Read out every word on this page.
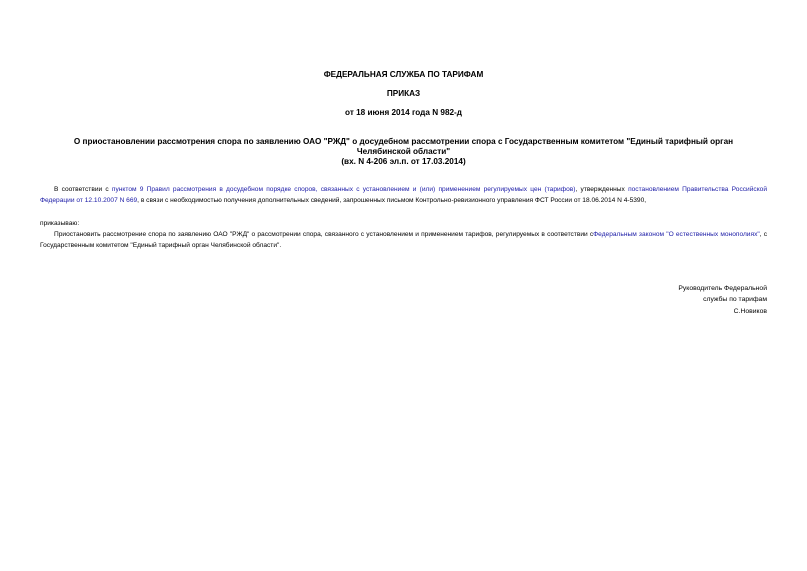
ФЕДЕРАЛЬНАЯ СЛУЖБА ПО ТАРИФАМ
ПРИКАЗ
от 18 июня 2014 года N 982-д
О приостановлении рассмотрения спора по заявлению ОАО "РЖД" о досудебном рассмотрении спора с Государственным комитетом "Единый тарифный орган
Челябинской области"
(вх. N 4-206 эл.п. от 17.03.2014)
В соответствии с пунктом 9 Правил рассмотрения в досудебном порядке споров, связанных с установлением и (или) применением регулируемых цен (тарифов), утвержденных постановлением Правительства Российской Федерации от 12.10.2007 N 669, в связи с необходимостью получения дополнительных сведений, запрошенных письмом Контрольно-ревизионного управления ФСТ России от 18.06.2014 N 4-5390,
приказываю:
Приостановить рассмотрение спора по заявлению ОАО "РЖД" о рассмотрении спора, связанного с установлением и применением тарифов, регулируемых в соответствии сФедеральным законом "О естественных монополиях", с Государственным комитетом "Единый тарифный орган Челябинской области".
Руководитель Федеральной
службы по тарифам
С.Новиков
